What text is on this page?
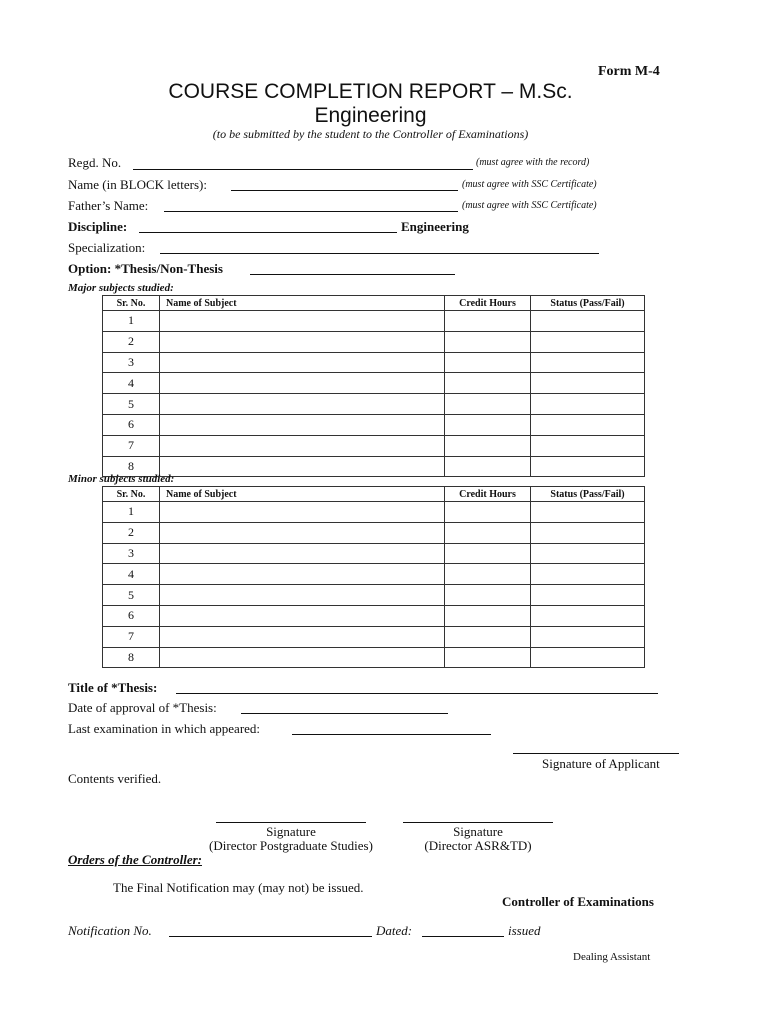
Form M-4
COURSE COMPLETION REPORT – M.Sc.
Engineering
(to be submitted by the student to the Controller of Examinations)
Regd. No.	(must agree with the record)
Name (in BLOCK letters):	(must agree with SSC Certificate)
Father’s Name:	(must agree with SSC Certificate)
Discipline:	Engineering
Specialization:
Option: *Thesis/Non-Thesis
Major subjects studied:
Sr. No.	Name of Subject	Credit Hours	Status (Pass/Fail)
1			
2			
3			
4			
5			
6			
7			
8			
Minor subjects studied:
Sr. No.	Name of Subject	Credit Hours	Status (Pass/Fail)
1			
2			
3			
4			
5			
6			
7			
8			
Title of *Thesis:
Date of approval of *Thesis:
Last examination in which appeared:
Signature of Applicant
Contents verified.
Signature
(Director Postgraduate Studies)
Signature
(Director ASR&TD)
Orders of the Controller:
The Final Notification may (may not) be issued.
Controller of Examinations
Notification No.	Dated:	issued
Dealing Assistant
